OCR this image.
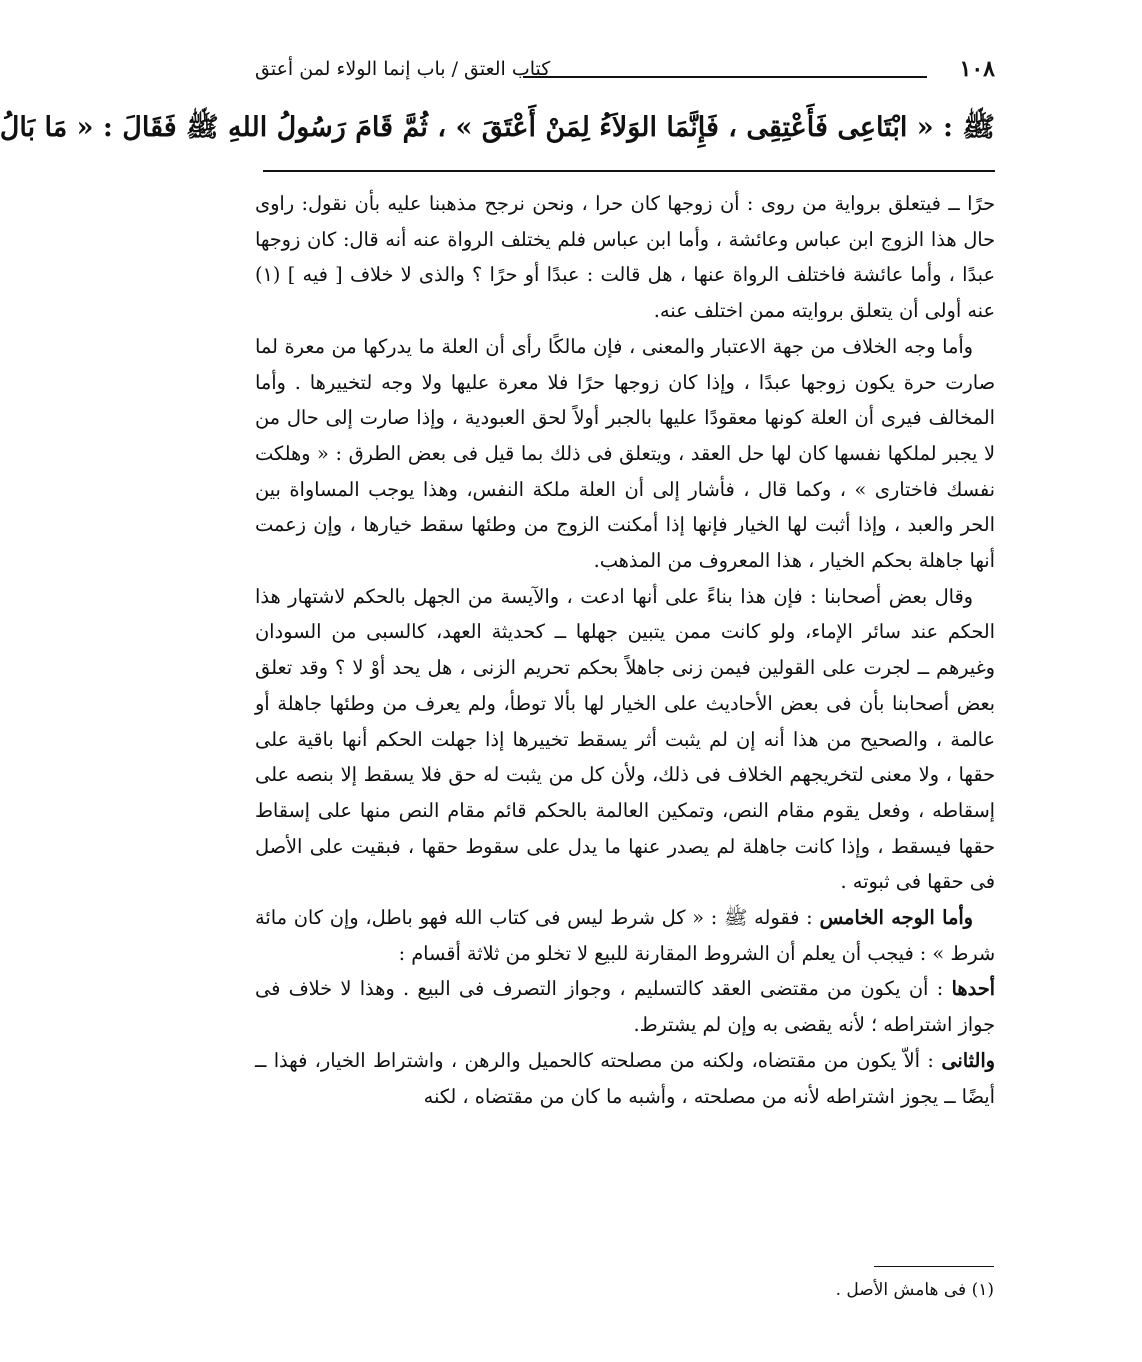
١٠٨
كتاب العتق / باب إنما الولاء لمن أعتق
ﷺ : « ابْتَاعِى فَأَعْتِقِى ، فَإِنَّمَا الوَلاَءُ لِمَنْ أَعْتَقَ » ، ثُمَّ قَامَ رَسُولُ اللهِ ﷺ فَقَالَ : « مَا بَالُ

حرًا ــ فيتعلق برواية من روى : أن زوجها كان حرا ، ونحن نرجح مذهبنا عليه بأن نقول: راوى حال هذا الزوج ابن عباس وعائشة ، وأما ابن عباس فلم يختلف الرواة عنه أنه قال: كان زوجها عبدًا ، وأما عائشة فاختلف الرواة عنها ، هل قالت : عبدًا أو حرًا ؟ والذى لا خلاف [ فيه ] (١) عنه أولى أن يتعلق بروايته ممن اختلف عنه.

وأما وجه الخلاف من جهة الاعتبار والمعنى ، فإن مالكًا رأى أن العلة ما يدركها من معرة لما صارت حرة يكون زوجها عبدًا ، وإذا كان زوجها حرًا فلا معرة عليها ولا وجه لتخييرها . وأما المخالف فيرى أن العلة كونها معقودًا عليها بالجبر أولاً لحق العبودية ، وإذا صارت إلى حال من لا يجبر لملكها نفسها كان لها حل العقد ، ويتعلق فى ذلك بما قيل فى بعض الطرق : « وهلكت نفسك فاختارى » ، وكما قال ، فأشار إلى أن العلة ملكة النفس، وهذا يوجب المساواة بين الحر والعبد ، وإذا أثبت لها الخيار فإنها إذا أمكنت الزوج من وطئها سقط خيارها ، وإن زعمت أنها جاهلة بحكم الخيار ، هذا المعروف من المذهب.

وقال بعض أصحابنا : فإن هذا بناءً على أنها ادعت ، والآيسة من الجهل بالحكم لاشتهار هذا الحكم عند سائر الإماء، ولو كانت ممن يتبين جهلها ــ كحديثة العهد، كالسبى من السودان وغيرهم ــ لجرت على القولين فيمن زنى جاهلاً بحكم تحريم الزنى ، هل يحد أوْ لا ؟ وقد تعلق بعض أصحابنا بأن فى بعض الأحاديث على الخيار لها بألا توطأ، ولم يعرف من وطئها جاهلة أو عالمة ، والصحيح من هذا أنه إن لم يثبت أثر يسقط تخييرها إذا جهلت الحكم أنها باقية على حقها ، ولا معنى لتخريجهم الخلاف فى ذلك، ولأن كل من يثبت له حق فلا يسقط إلا بنصه على إسقاطه ، وفعل يقوم مقام النص، وتمكين العالمة بالحكم قائم مقام النص منها على إسقاط حقها فيسقط ، وإذا كانت جاهلة لم يصدر عنها ما يدل على سقوط حقها ، فبقيت على الأصل فى حقها فى ثبوته .

وأما الوجه الخامس : فقوله ﷺ : « كل شرط ليس فى كتاب الله فهو باطل، وإن كان مائة شرط » : فيجب أن يعلم أن الشروط المقارنة للبيع لا تخلو من ثلاثة أقسام :

أحدها : أن يكون من مقتضى العقد كالتسليم ، وجواز التصرف فى البيع . وهذا لا خلاف فى جواز اشتراطه ؛ لأنه يقضى به وإن لم يشترط.

والثانى : ألاّ يكون من مقتضاه، ولكنه من مصلحته كالحميل والرهن ، واشتراط الخيار، فهذا ــ أيضًا ــ يجوز اشتراطه لأنه من مصلحته ، وأشبه ما كان من مقتضاه ، لكنه

(١) فى هامش الأصل .
